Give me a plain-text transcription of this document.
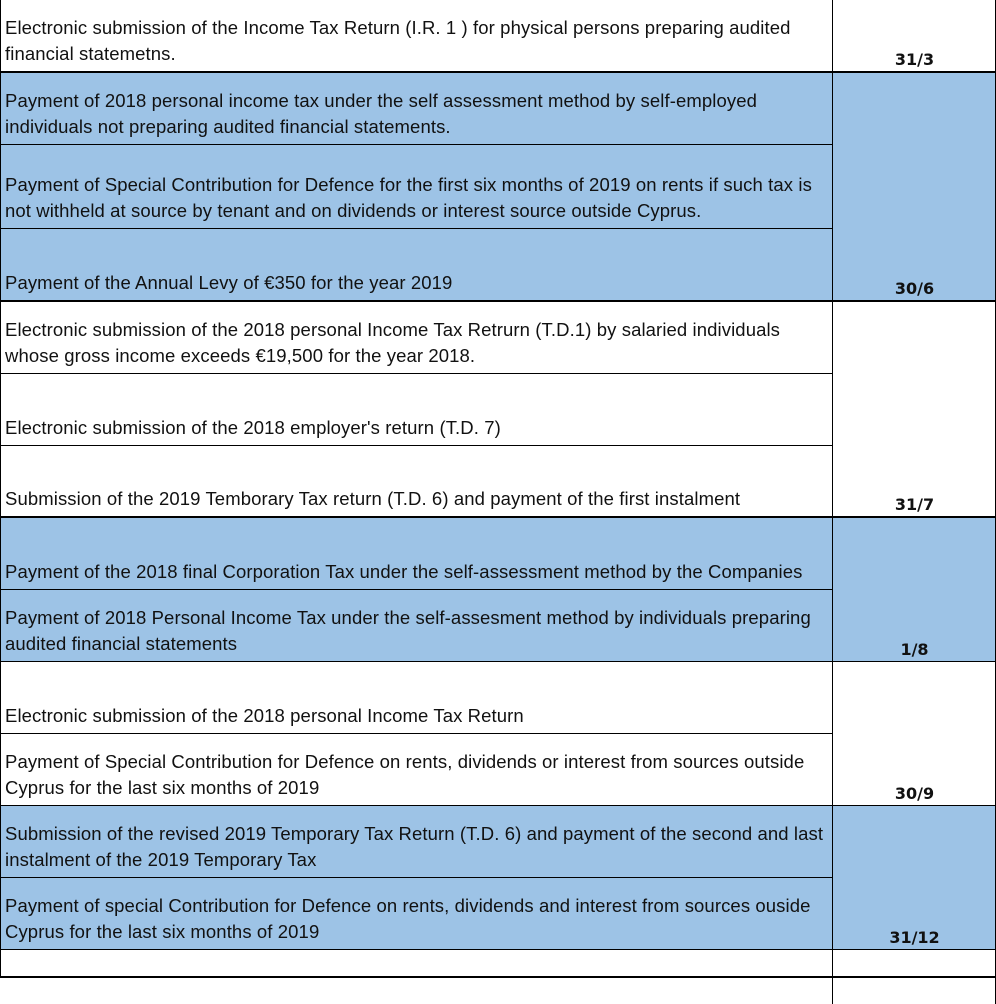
Electronic submission of the Income Tax Return (I.R. 1 ) for physical persons preparing audited financial statemetns.	31/3
Payment of 2018 personal income tax under the self assessment method by self-employed individuals not preparing audited financial statements.
Payment of Special Contribution for Defence for the first six months of 2019 on rents if such tax is not withheld at source by tenant and on dividends or interest source outside Cyprus.
Payment of the Annual Levy of €350 for the year 2019	30/6
Electronic submission of the 2018 personal Income Tax Retrurn (T.D.1) by salaried individuals whose gross income exceeds €19,500 for the year 2018.
Electronic submission of the 2018 employer's return (T.D. 7)
Submission of the 2019 Temborary Tax return (T.D. 6) and payment of the first instalment	31/7
Payment of the 2018 final Corporation Tax under the self-assessment method by the Companies
Payment of 2018 Personal Income Tax under the self-assesment method by individuals preparing audited financial statements	1/8
Electronic submission of the 2018 personal Income Tax Return
Payment of Special Contribution for Defence on rents, dividends or interest from sources outside Cyprus for the last six months of 2019	30/9
Submission of the revised 2019 Temporary Tax Return (T.D. 6) and payment of the second and last instalment of the 2019 Temporary Tax
Payment of special Contribution for Defence on rents, dividends and interest from sources ouside Cyprus for the last six months of 2019	31/12
